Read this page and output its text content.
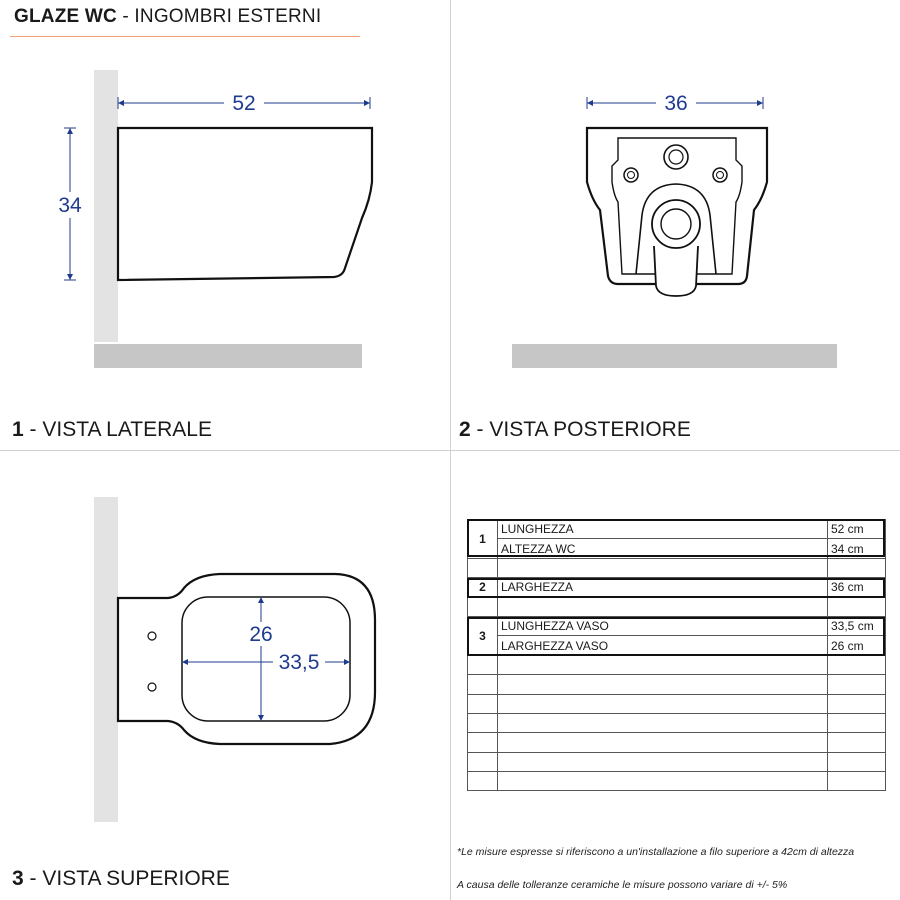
GLAZE WC - INGOMBRI ESTERNI
52
34
1 - VISTA LATERALE
36
2 - VISTA POSTERIORE
26
33,5
3 - VISTA SUPERIORE
1	LUNGHEZZA	52 cm
	ALTEZZA WC	34 cm

2	LARGHEZZA	36 cm

3	LUNGHEZZA VASO	33,5 cm
	LARGHEZZA VASO	26 cm

*Le misure espresse si riferiscono a un'installazione a filo superiore a 42cm di altezza
A causa delle tolleranze ceramiche le misure possono variare di +/- 5%
